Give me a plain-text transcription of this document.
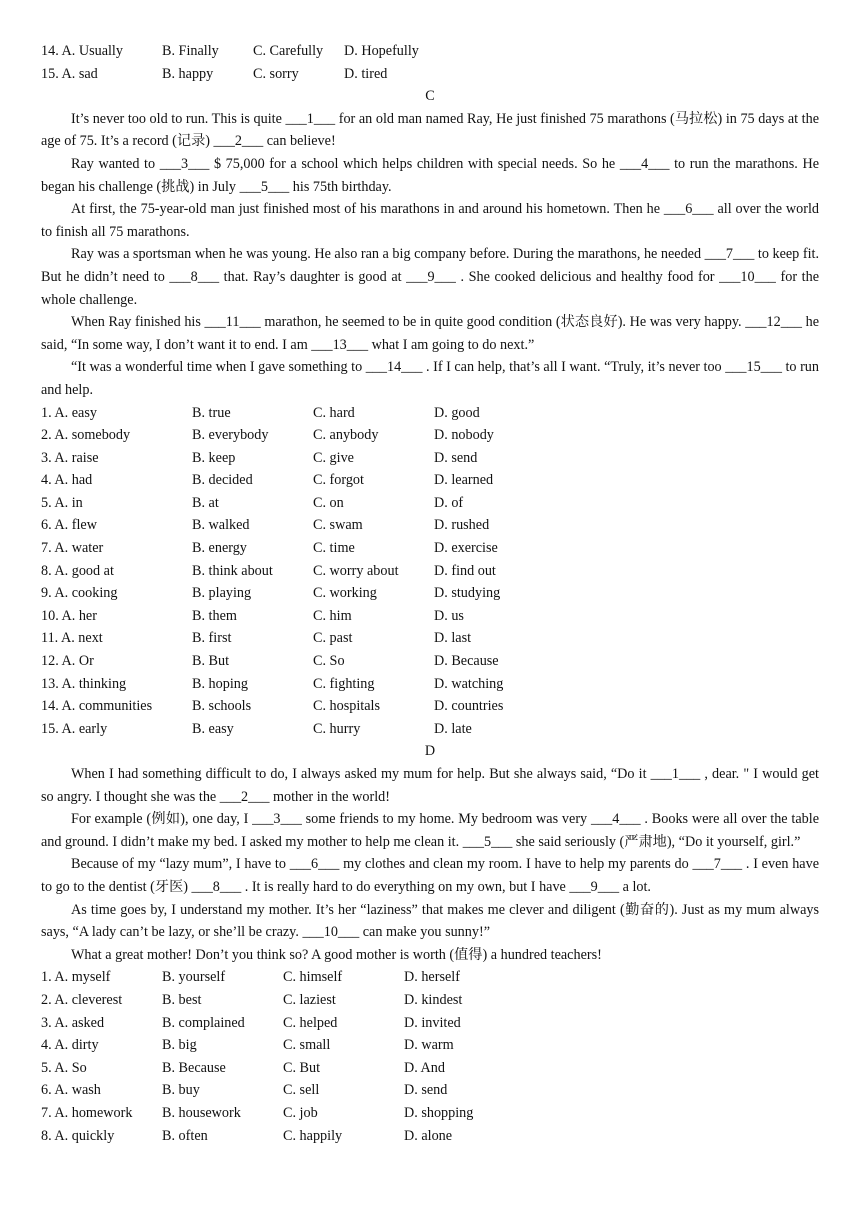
14. A. Usually	B. Finally	C. Carefully	D. Hopefully
15. A. sad	B. happy	C. sorry	D. tired
C

It’s never too old to run. This is quite ___1___ for an old man named Ray, He just finished 75 marathons (马拉松) in 75 days at the age of 75. It’s a record (记录) ___2___ can believe!

Ray wanted to ___3___ $ 75,000 for a school which helps children with special needs. So he ___4___ to run the marathons. He began his challenge (挑战) in July ___5___ his 75th birthday.

At first, the 75-year-old man just finished most of his marathons in and around his hometown. Then he ___6___ all over the world to finish all 75 marathons.

Ray was a sportsman when he was young. He also ran a big company before. During the marathons, he needed ___7___ to keep fit. But he didn’t need to ___8___ that. Ray’s daughter is good at ___9___ . She cooked delicious and healthy food for ___10___ for the whole challenge.

When Ray finished his ___11___ marathon, he seemed to be in quite good condition (状态良好). He was very happy. ___12___ he said, “In some way, I don’t want it to end. I am ___13___ what I am going to do next.”

“It was a wonderful time when I gave something to ___14___ . If I can help, that’s all I want. “Truly, it’s never too ___15___ to run and help.

1. A. easy	B. true	C. hard	D. good
2. A. somebody	B. everybody	C. anybody	D. nobody
3. A. raise	B. keep	C. give	D. send
4. A. had	B. decided	C. forgot	D. learned
5. A. in	B. at	C. on	D. of
6. A. flew	B. walked	C. swam	D. rushed
7. A. water	B. energy	C. time	D. exercise
8. A. good at	B. think about	C. worry about	D. find out
9. A. cooking	B. playing	C. working	D. studying
10. A. her	B. them	C. him	D. us
11. A. next	B. first	C. past	D. last
12. A. Or	B. But	C. So	D. Because
13. A. thinking	B. hoping	C. fighting	D. watching
14. A. communities	B. schools	C. hospitals	D. countries
15. A. early	B. easy	C. hurry	D. late
D

When I had something difficult to do, I always asked my mum for help. But she always said, “Do it ___1___ , dear. " I would get so angry. I thought she was the ___2___ mother in the world!

For example (例如), one day, I ___3___ some friends to my home. My bedroom was very ___4___ . Books were all over the table and ground. I didn’t make my bed. I asked my mother to help me clean it. ___5___ she said seriously (严肃地), “Do it yourself, girl.”

Because of my “lazy mum”, I have to ___6___ my clothes and clean my room. I have to help my parents do ___7___ . I even have to go to the dentist (牙医) ___8___ . It is really hard to do everything on my own, but I have ___9___ a lot.

As time goes by, I understand my mother. It’s her “laziness” that makes me clever and diligent (勤奋的). Just as my mum always says, “A lady can’t be lazy, or she’ll be crazy. ___10___ can make you sunny!”

What a great mother! Don’t you think so? A good mother is worth (值得) a hundred teachers!

1. A. myself	B. yourself	C. himself	D. herself
2. A. cleverest	B. best	C. laziest	D. kindest
3. A. asked	B. complained	C. helped	D. invited
4. A. dirty	B. big	C. small	D. warm
5. A. So	B. Because	C. But	D. And
6. A. wash	B. buy	C. sell	D. send
7. A. homework	B. housework	C. job	D. shopping
8. A. quickly	B. often	C. happily	D. alone
